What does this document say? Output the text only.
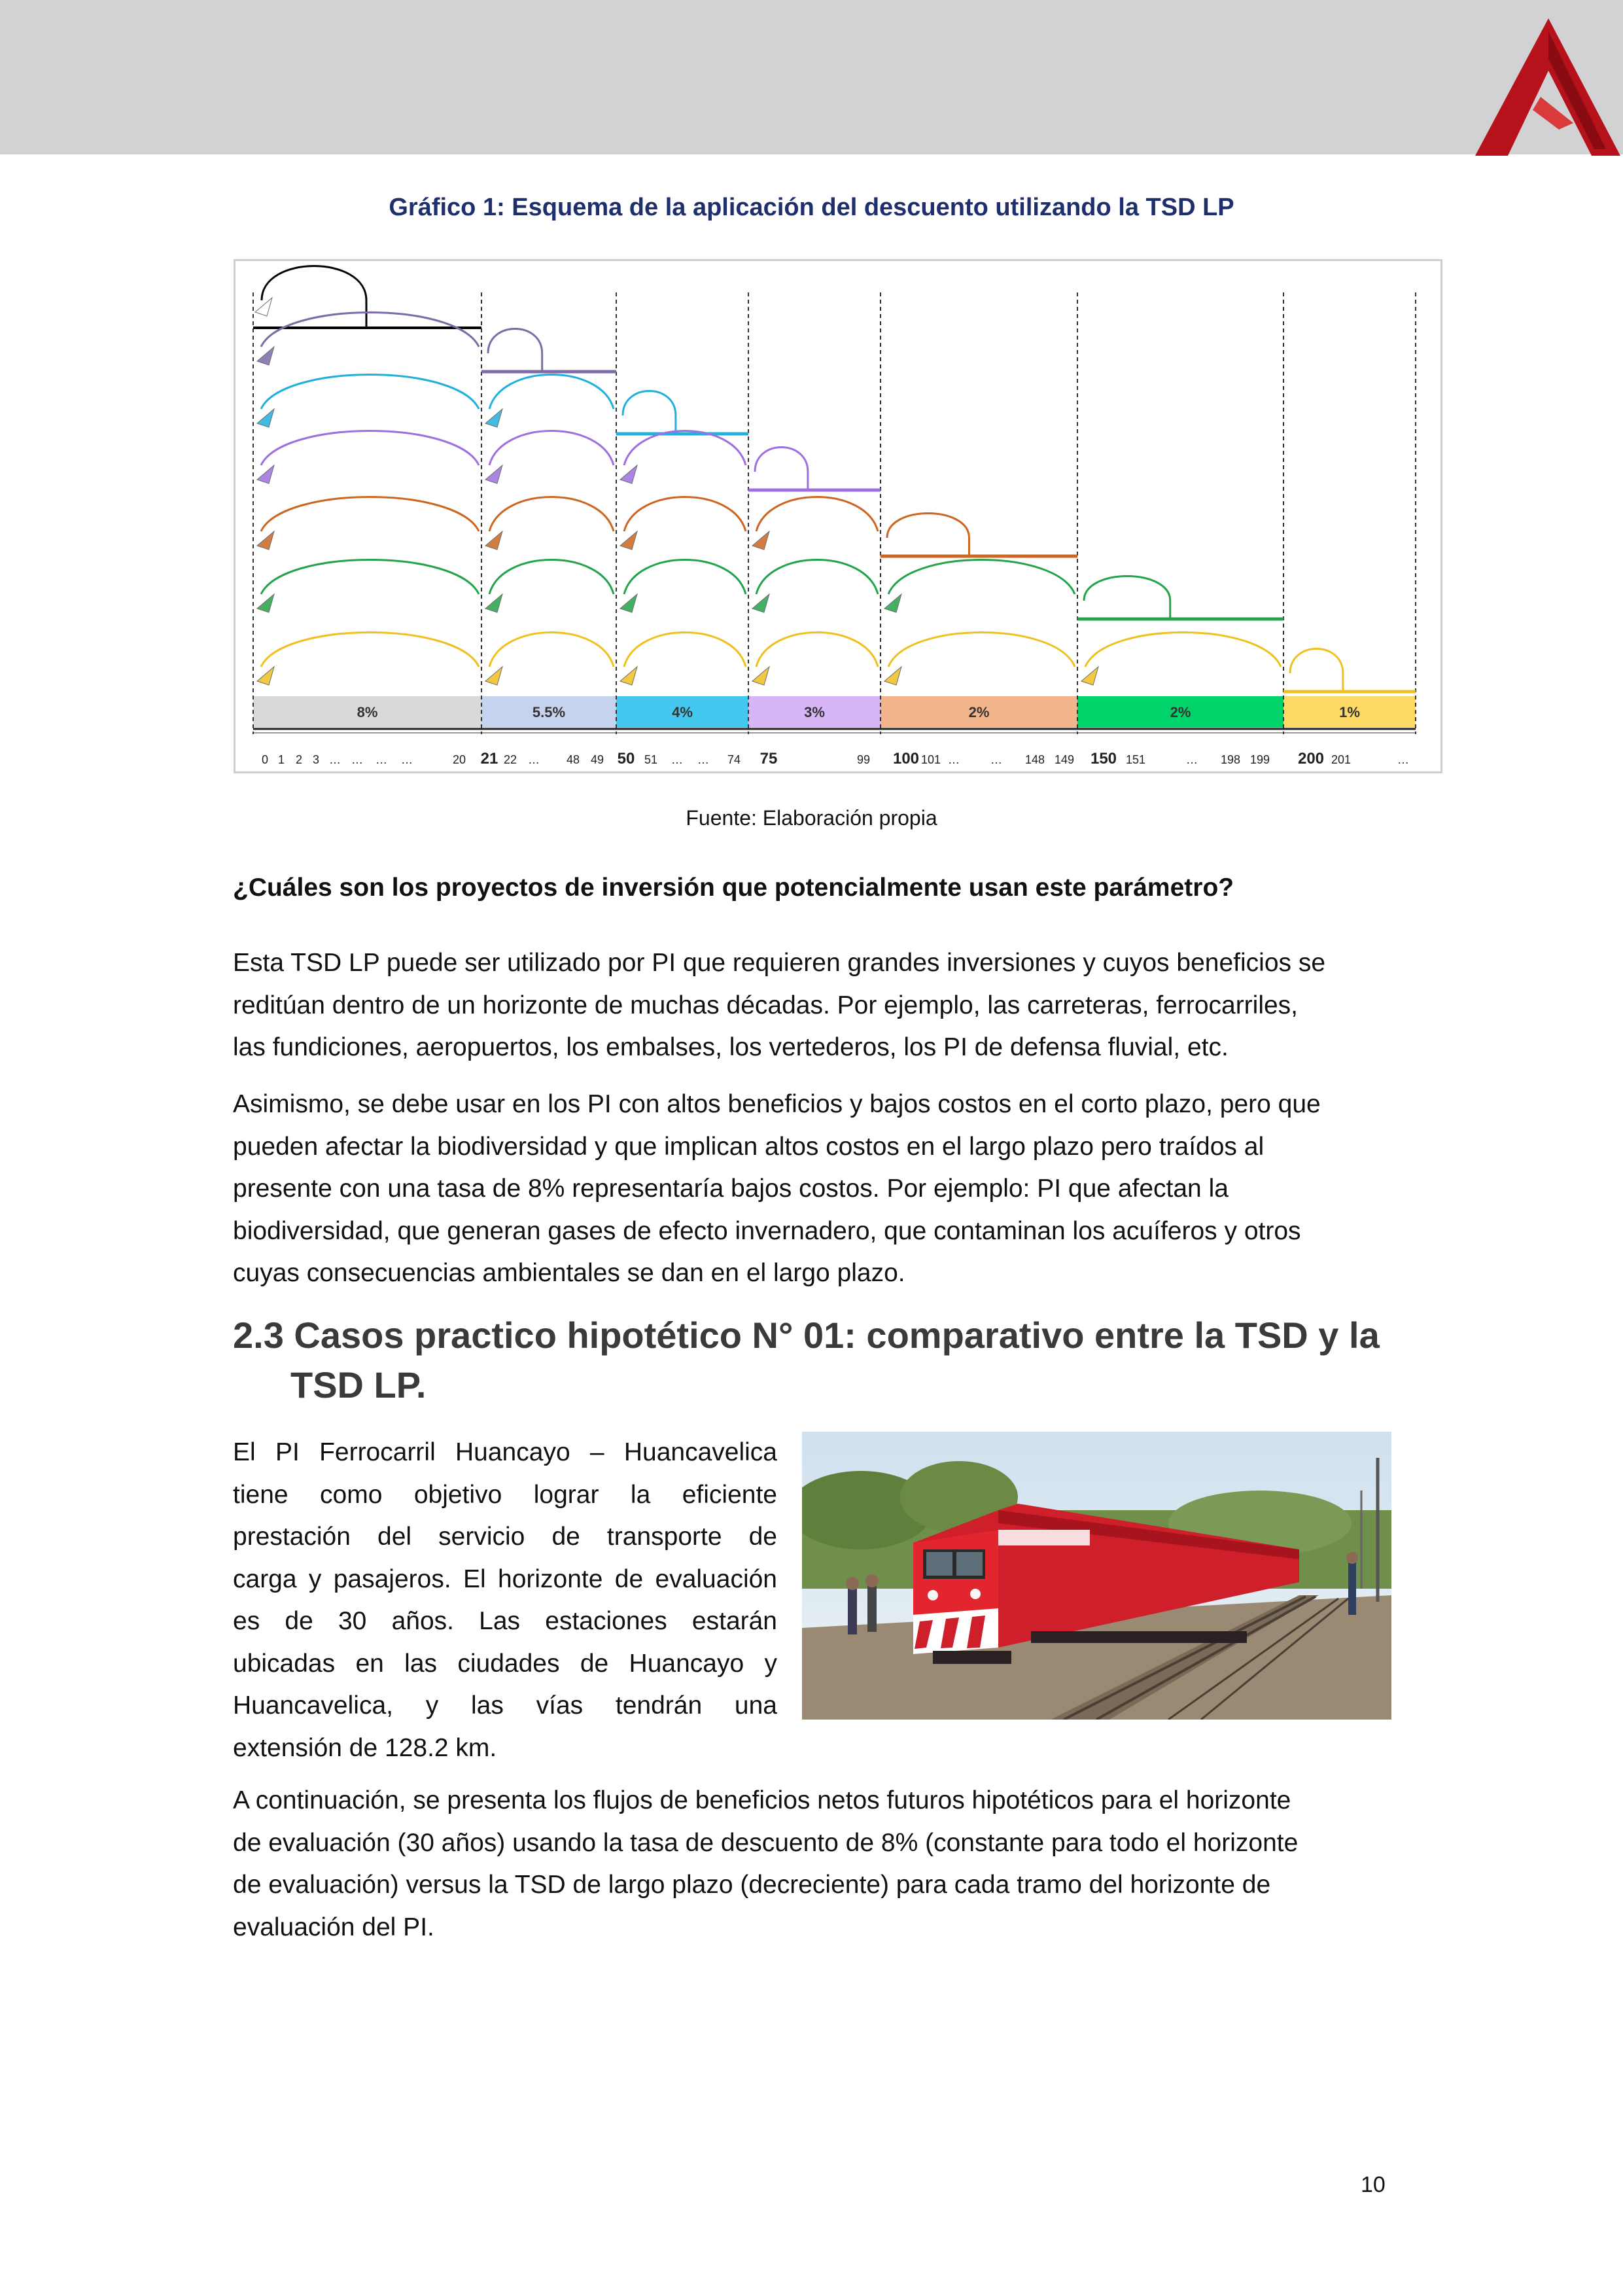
Gráfico 1: Esquema de la aplicación del descuento utilizando la TSD LP
8%	5.5%	4%	3%	2%	2%	1%
0 1 2 3 … … … …	20 21 22 … 48 49 50 51 … … 74 75	99 100 101 …	… 148 149 150 151	… 198 199 200 201	…
Fuente: Elaboración propia
¿Cuáles son los proyectos de inversión que potencialmente usan este parámetro?
Esta TSD LP puede ser utilizado por PI que requieren grandes inversiones y cuyos beneficios se
reditúan dentro de un horizonte de muchas décadas. Por ejemplo, las carreteras, ferrocarriles,
las fundiciones, aeropuertos, los embalses, los vertederos, los PI de defensa fluvial, etc.
Asimismo, se debe usar en los PI con altos beneficios y bajos costos en el corto plazo, pero que
pueden afectar la biodiversidad y que implican altos costos en el largo plazo pero traídos al
presente con una tasa de 8% representaría bajos costos. Por ejemplo: PI que afectan la
biodiversidad, que generan gases de efecto invernadero, que contaminan los acuíferos y otros
cuyas consecuencias ambientales se dan en el largo plazo.
2.3 Casos practico hipotético N° 01: comparativo entre la TSD y la
TSD LP.
El PI Ferrocarril Huancayo – Huancavelica
tiene como objetivo lograr la eficiente
prestación del servicio de transporte de
carga y pasajeros. El horizonte de evaluación
es de 30 años. Las estaciones estarán
ubicadas en las ciudades de Huancayo y
Huancavelica, y las vías tendrán una
extensión de 128.2 km.
A continuación, se presenta los flujos de beneficios netos futuros hipotéticos para el horizonte
de evaluación (30 años) usando la tasa de descuento de 8% (constante para todo el horizonte
de evaluación) versus la TSD de largo plazo (decreciente) para cada tramo del horizonte de
evaluación del PI.
10
